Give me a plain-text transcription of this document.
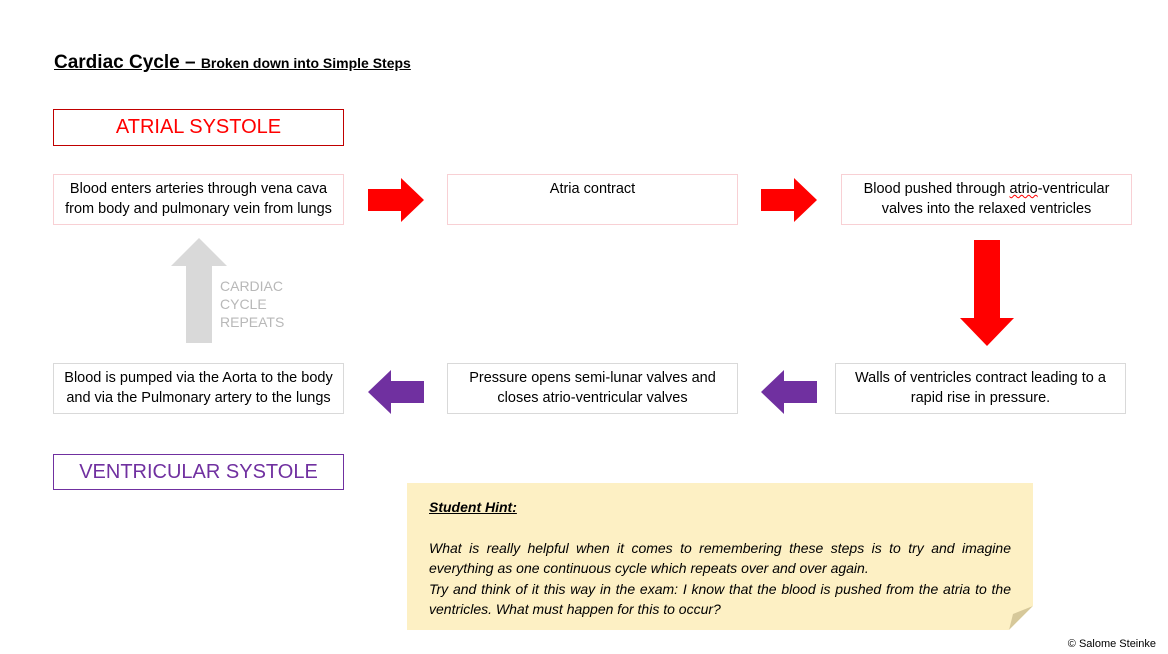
Cardiac Cycle – Broken down into Simple Steps
ATRIAL SYSTOLE
Blood enters arteries through vena cava
from body and pulmonary vein from lungs
Atria contract	Blood pushed through atrio-ventricular
valves into the relaxed ventricles
Walls of ventricles contract leading to a
rapid rise in pressure.
Pressure opens semi-lunar valves and
closes atrio-ventricular valves
Blood is pumped via the Aorta to the body
and via the Pulmonary artery to the lungs
CARDIAC
CYCLE
REPEATS
VENTRICULAR SYSTOLE
Student Hint:

What is really helpful when it comes to remembering these steps is to try and imagine everything as one continuous cycle which repeats over and over again.

Try and think of it this way in the exam: I know that the blood is pushed from the atria to the ventricles. What must happen for this to occur?

© Salome Steinke
